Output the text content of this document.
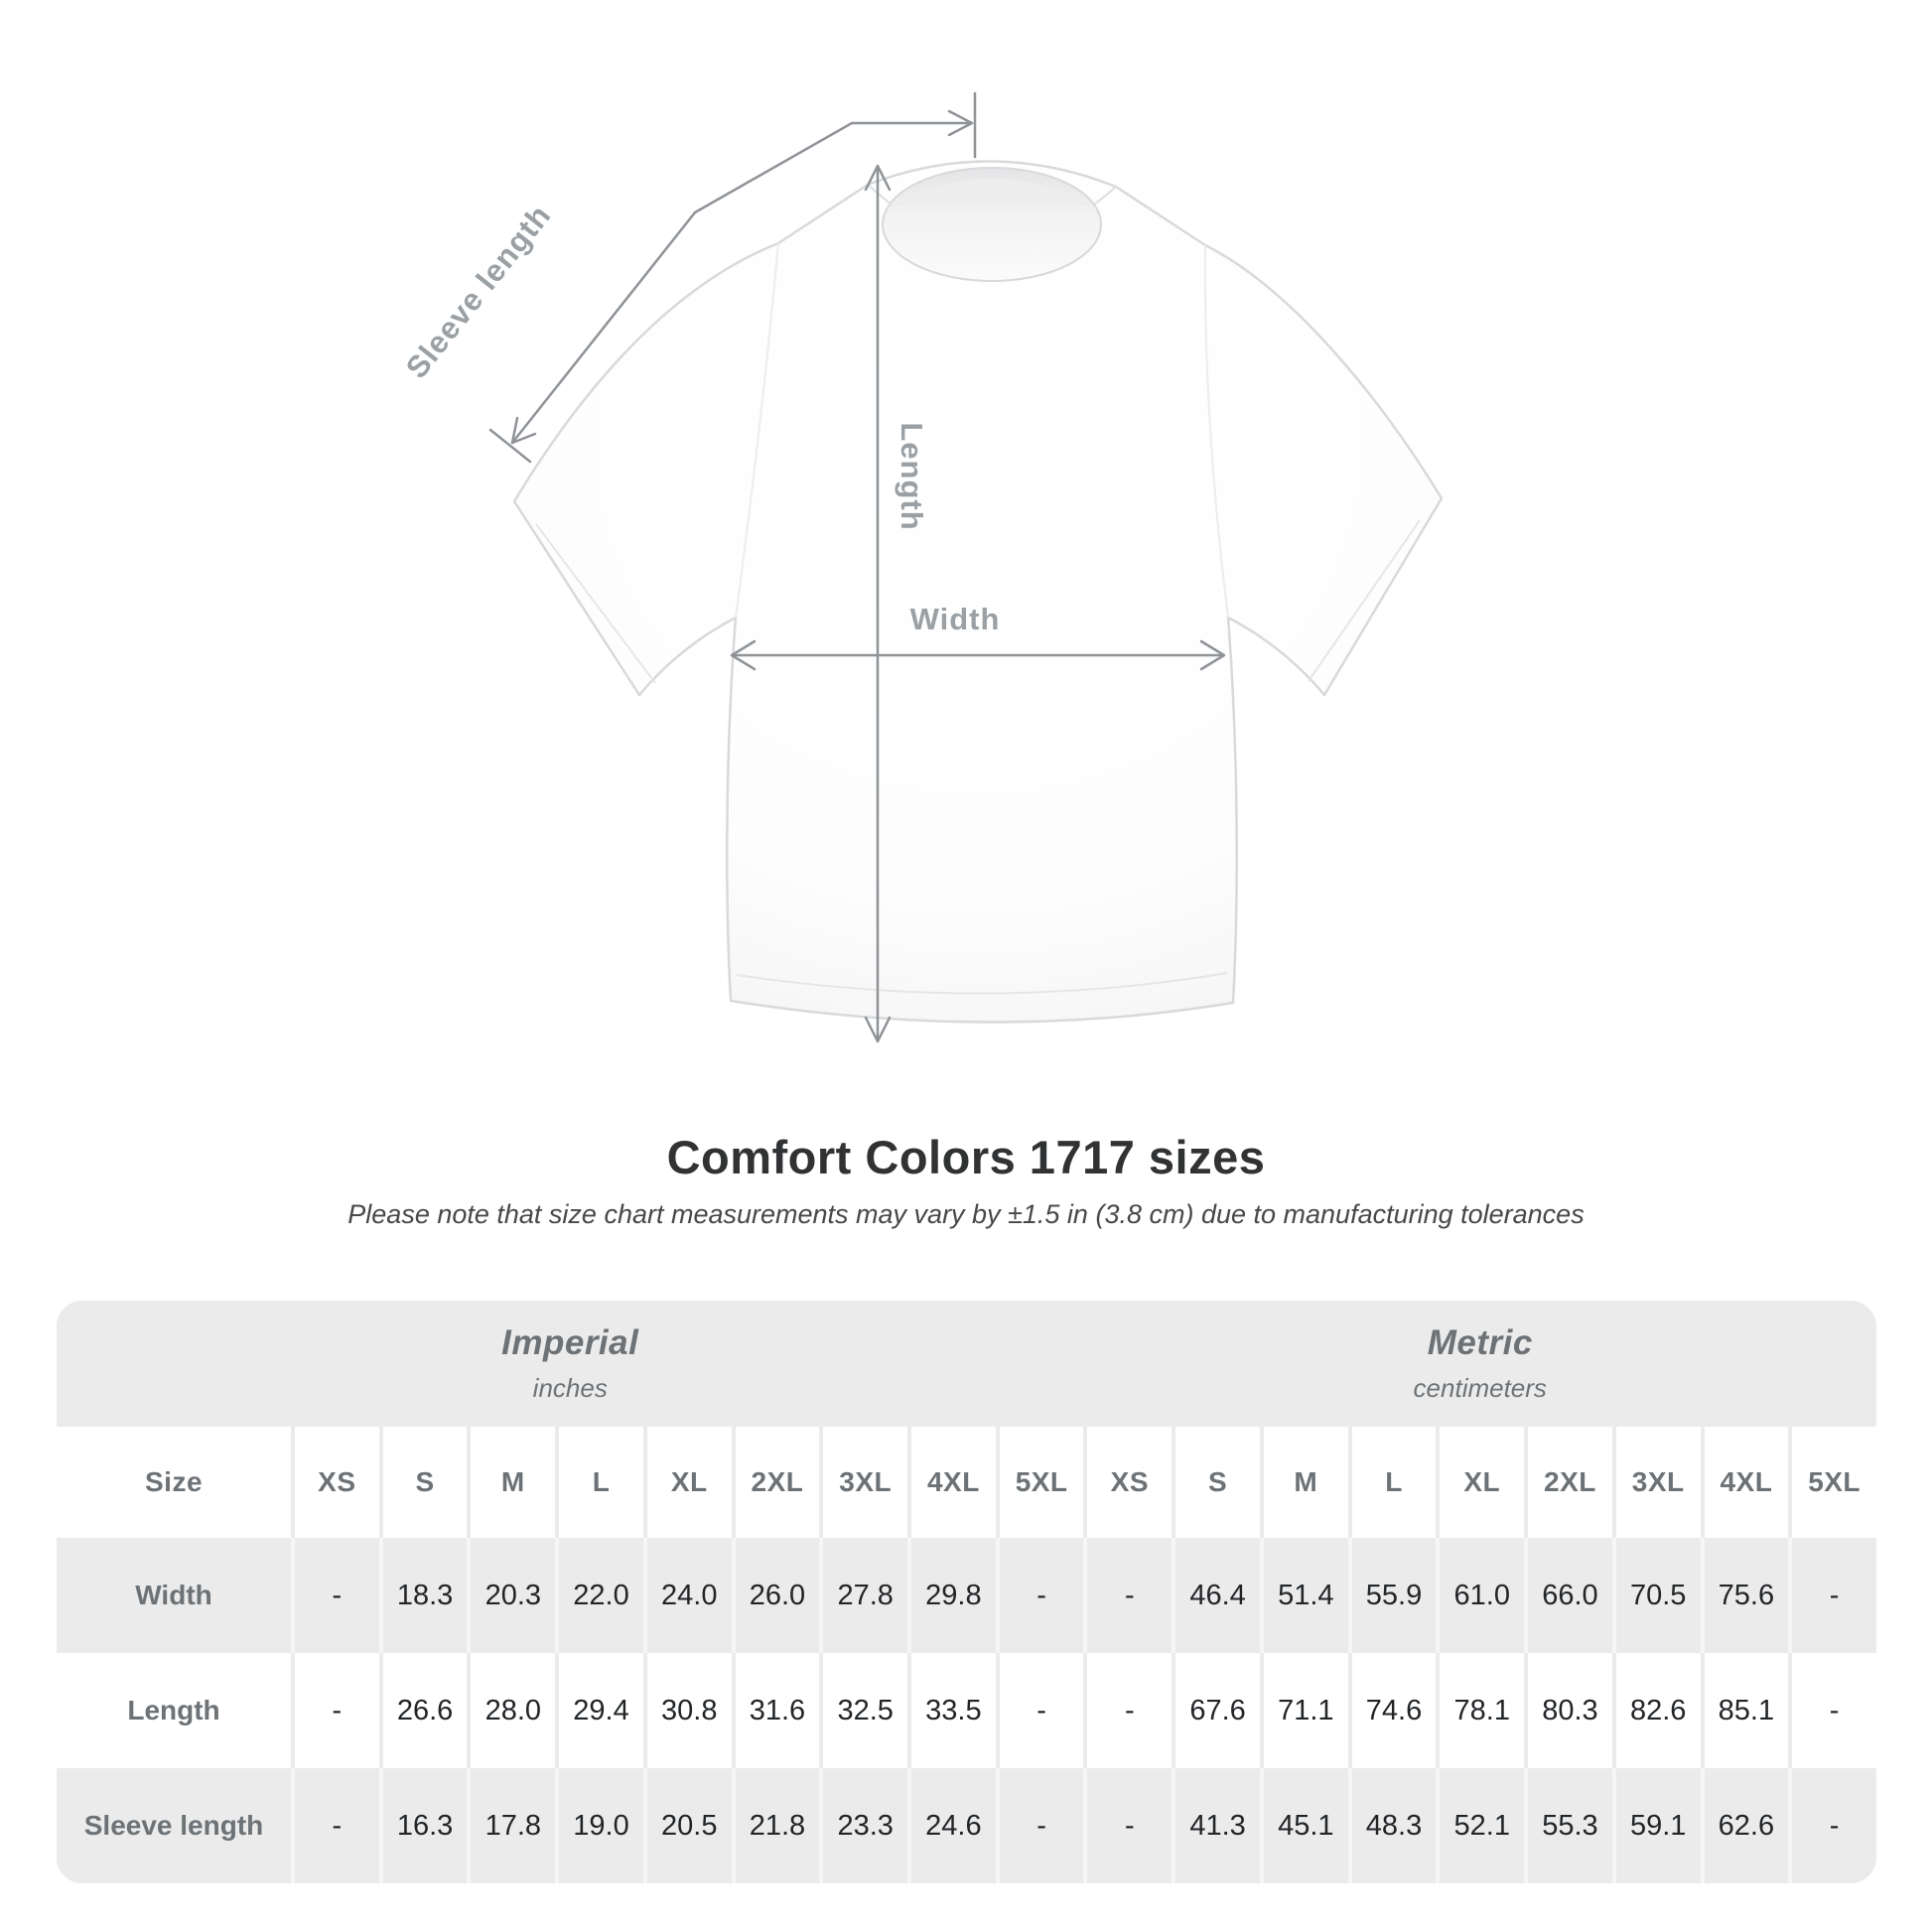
Sleeve length
Length
Width
Comfort Colors 1717 sizes
Please note that size chart measurements may vary by ±1.5 in (3.8 cm) due to manufacturing tolerances
Imperial
inches
Metric
centimeters
Size	XS S M L XL 2XL 3XL 4XL 5XL XS S M L XL 2XL 3XL 4XL 5XL
Width	- 18.3 20.3 22.0 24.0 26.0 27.8 29.8 -	- 46.4 51.4 55.9 61.0 66.0 70.5 75.6 -
Length	- 26.6 28.0 29.4 30.8 31.6 32.5 33.5 -	- 67.6 71.1 74.6 78.1 80.3 82.6 85.1 -
Sleeve length - 16.3 17.8 19.0 20.5 21.8 23.3 24.6 -	- 41.3 45.1 48.3 52.1 55.3 59.1 62.6 -
